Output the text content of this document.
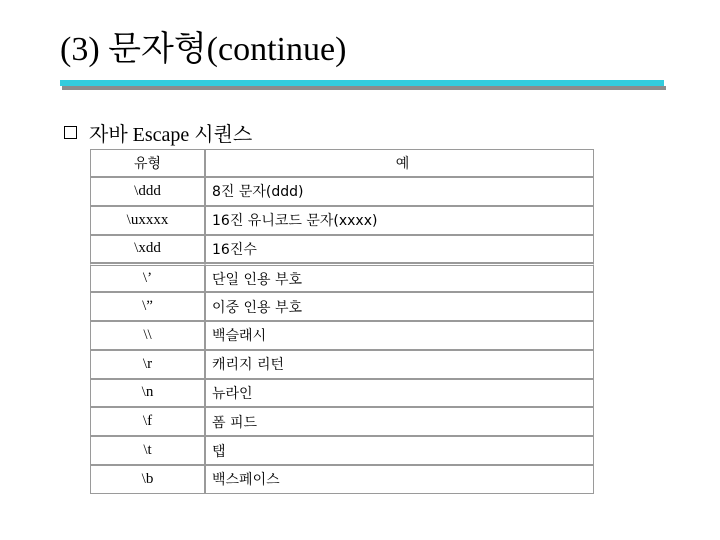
(3) 문자형(continue)
자바 Escape 시퀀스
유형	예
\ddd	8진 문자(ddd)
\uxxxx	16진 유니코드 문자(xxxx)
\xdd	16진수
\’	단일 인용 부호
\”	이중 인용 부호
\\	백슬래시
\r	캐리지 리턴
\n	뉴라인
\f	폼 피드
\t	탭
\b	백스페이스
